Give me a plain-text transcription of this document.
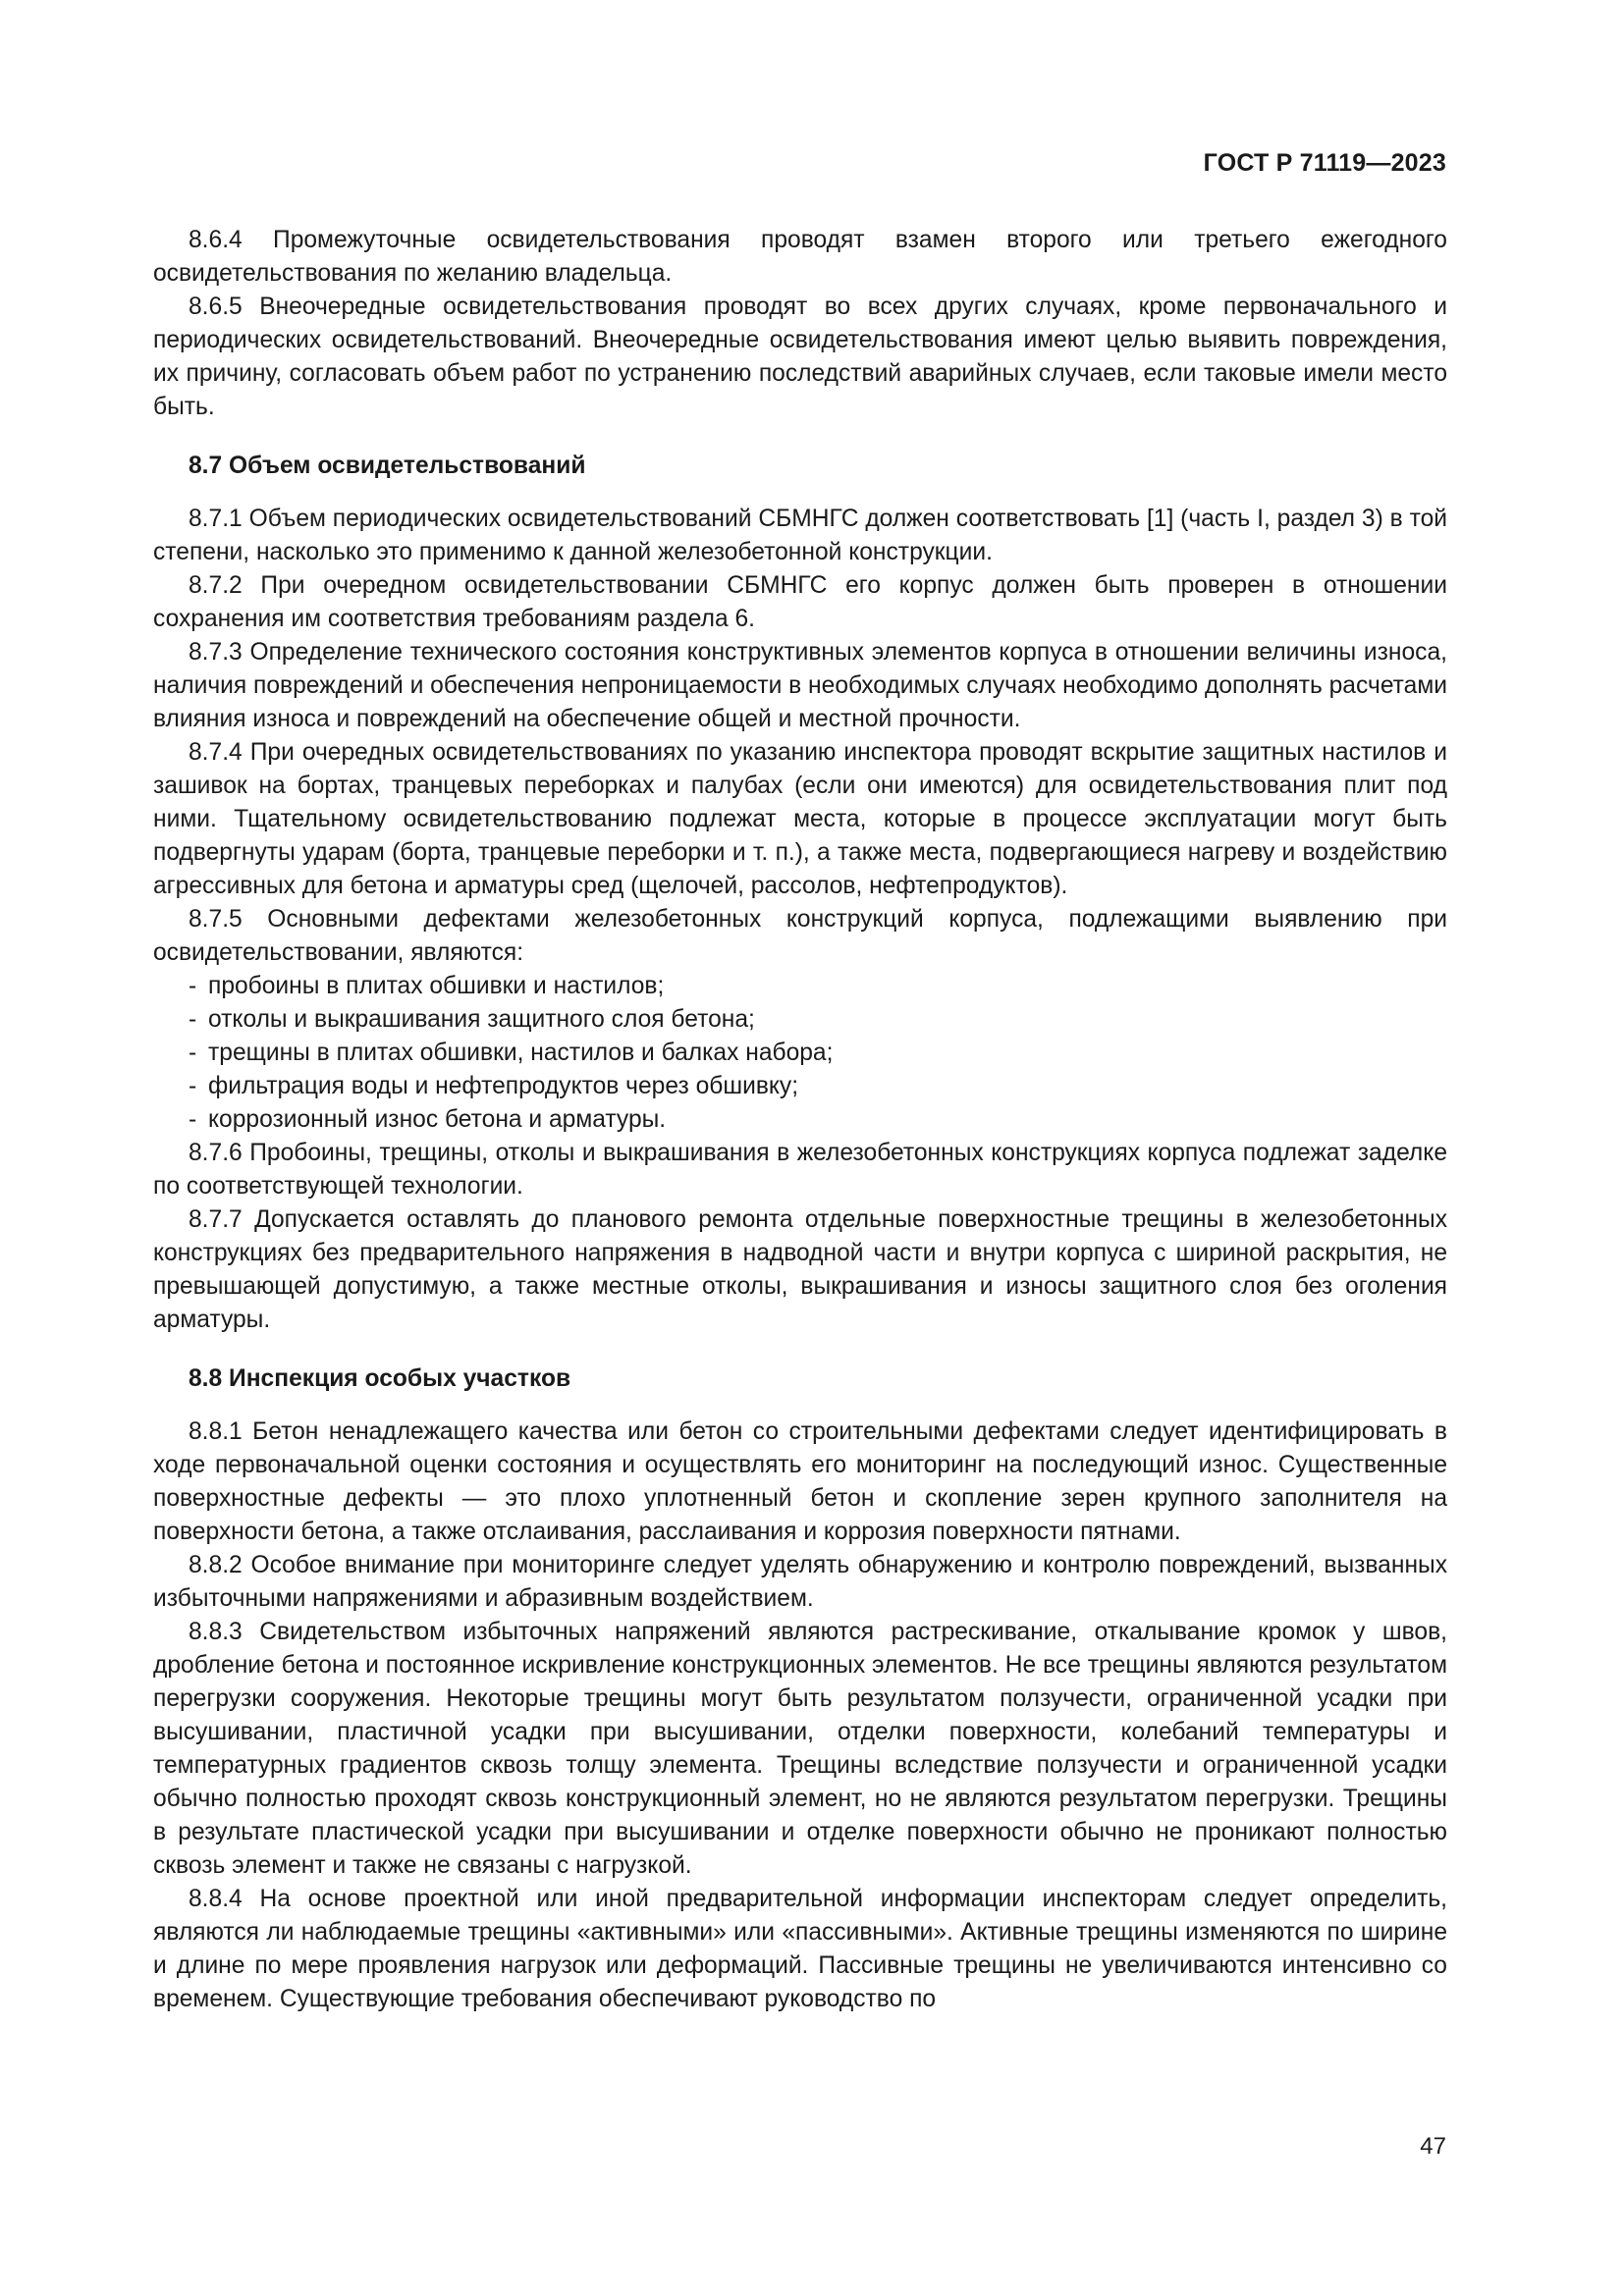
ГОСТ Р 71119—2023

8.6.4 Промежуточные освидетельствования проводят взамен второго или третьего ежегодного освидетельствования по желанию владельца.

8.6.5 Внеочередные освидетельствования проводят во всех других случаях, кроме первоначального и периодических освидетельствований. Внеочередные освидетельствования имеют целью выявить повреждения, их причину, согласовать объем работ по устранению последствий аварийных случаев, если таковые имели место быть.

8.7 Объем освидетельствований

8.7.1 Объем периодических освидетельствований СБМНГС должен соответствовать [1] (часть I, раздел 3) в той степени, насколько это применимо к данной железобетонной конструкции.

8.7.2 При очередном освидетельствовании СБМНГС его корпус должен быть проверен в отношении сохранения им соответствия требованиям раздела 6.

8.7.3 Определение технического состояния конструктивных элементов корпуса в отношении величины износа, наличия повреждений и обеспечения непроницаемости в необходимых случаях необходимо дополнять расчетами влияния износа и повреждений на обеспечение общей и местной прочности.

8.7.4 При очередных освидетельствованиях по указанию инспектора проводят вскрытие защитных настилов и зашивок на бортах, транцевых переборках и палубах (если они имеются) для освидетельствования плит под ними. Тщательному освидетельствованию подлежат места, которые в процессе эксплуатации могут быть подвергнуты ударам (борта, транцевые переборки и т. п.), а также места, подвергающиеся нагреву и воздействию агрессивных для бетона и арматуры сред (щелочей, рассолов, нефтепродуктов).

8.7.5 Основными дефектами железобетонных конструкций корпуса, подлежащими выявлению при освидетельствовании, являются:

- пробоины в плитах обшивки и настилов;
- отколы и выкрашивания защитного слоя бетона;
- трещины в плитах обшивки, настилов и балках набора;
- фильтрация воды и нефтепродуктов через обшивку;
- коррозионный износ бетона и арматуры.

8.7.6 Пробоины, трещины, отколы и выкрашивания в железобетонных конструкциях корпуса подлежат заделке по соответствующей технологии.

8.7.7 Допускается оставлять до планового ремонта отдельные поверхностные трещины в железобетонных конструкциях без предварительного напряжения в надводной части и внутри корпуса с шириной раскрытия, не превышающей допустимую, а также местные отколы, выкрашивания и износы защитного слоя без оголения арматуры.

8.8 Инспекция особых участков

8.8.1 Бетон ненадлежащего качества или бетон со строительными дефектами следует идентифицировать в ходе первоначальной оценки состояния и осуществлять его мониторинг на последующий износ. Существенные поверхностные дефекты — это плохо уплотненный бетон и скопление зерен крупного заполнителя на поверхности бетона, а также отслаивания, расслаивания и коррозия поверхности пятнами.

8.8.2 Особое внимание при мониторинге следует уделять обнаружению и контролю повреждений, вызванных избыточными напряжениями и абразивным воздействием.

8.8.3 Свидетельством избыточных напряжений являются растрескивание, откалывание кромок у швов, дробление бетона и постоянное искривление конструкционных элементов. Не все трещины являются результатом перегрузки сооружения. Некоторые трещины могут быть результатом ползучести, ограниченной усадки при высушивании, пластичной усадки при высушивании, отделки поверхности, колебаний температуры и температурных градиентов сквозь толщу элемента. Трещины вследствие ползучести и ограниченной усадки обычно полностью проходят сквозь конструкционный элемент, но не являются результатом перегрузки. Трещины в результате пластической усадки при высушивании и отделке поверхности обычно не проникают полностью сквозь элемент и также не связаны с нагрузкой.

8.8.4 На основе проектной или иной предварительной информации инспекторам следует определить, являются ли наблюдаемые трещины «активными» или «пассивными». Активные трещины изменяются по ширине и длине по мере проявления нагрузок или деформаций. Пассивные трещины не увеличиваются интенсивно со временем. Существующие требования обеспечивают руководство по

47
